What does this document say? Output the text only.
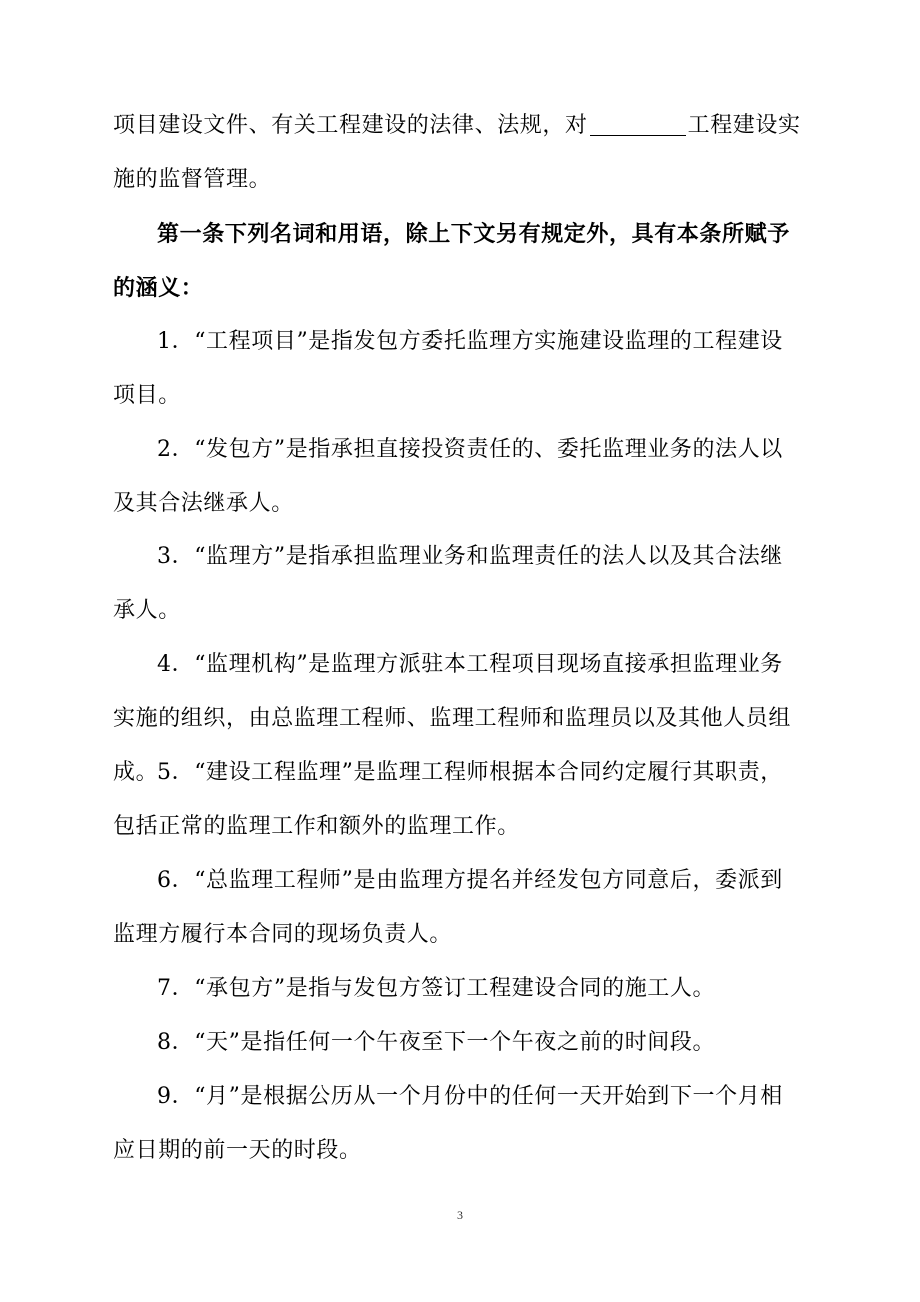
项目建设文件、有关工程建设的法律、法规，对	工程建设实施的监督管理。

第一条下列名词和用语，除上下文另有规定外，具有本条所赋予的涵义：

1．“工程项目”是指发包方委托监理方实施建设监理的工程建设项目。

2．“发包方”是指承担直接投资责任的、委托监理业务的法人以及其合法继承人。

3．“监理方”是指承担监理业务和监理责任的法人以及其合法继承人。

4．“监理机构”是监理方派驻本工程项目现场直接承担监理业务实施的组织，由总监理工程师、监理工程师和监理员以及其他人员组成。

5．“建设工程监理”是监理工程师根据本合同约定履行其职责，包括正常的监理工作和额外的监理工作。

6．“总监理工程师”是由监理方提名并经发包方同意后，委派到监理方履行本合同的现场负责人。

7．“承包方”是指与发包方签订工程建设合同的施工人。

8．“天”是指任何一个午夜至下一个午夜之前的时间段。

9．“月”是根据公历从一个月份中的任何一天开始到下一个月相应日期的前一天的时段。

3
